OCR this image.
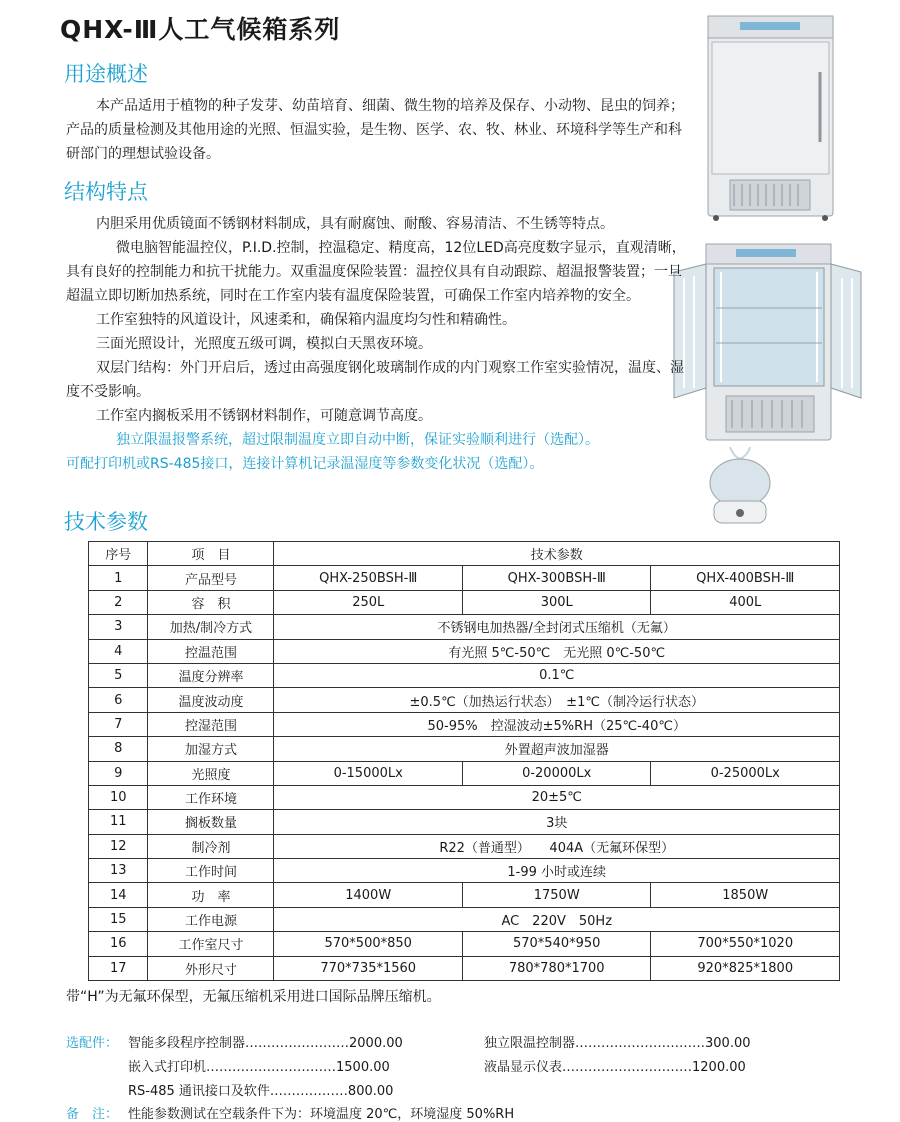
QHX-Ⅲ人工气候箱系列
用途概述

本产品适用于植物的种子发芽、幼苗培育、细菌、微生物的培养及保存、小动物、昆虫的饲养；产品的质量检测及其他用途的光照、恒温实验，是生物、医学、农、牧、林业、环境科学等生产和科研部门的理想试验设备。

结构特点

内胆采用优质镜面不锈钢材料制成，具有耐腐蚀、耐酸、容易清洁、不生锈等特点。

微电脑智能温控仪，P.I.D.控制，控温稳定、精度高，12位LED高亮度数字显示，直观清晰，具有良好的控制能力和抗干扰能力。双重温度保险装置：温控仪具有自动跟踪、超温报警装置；一旦超温立即切断加热系统，同时在工作室内装有温度保险装置，可确保工作室内培养物的安全。

工作室独特的风道设计，风速柔和，确保箱内温度均匀性和精确性。

三面光照设计，光照度五级可调，模拟白天黑夜环境。

双层门结构：外门开启后，透过由高强度钢化玻璃制作成的内门观察工作室实验情况，温度、湿度不受影响。

工作室内搁板采用不锈钢材料制作，可随意调节高度。

独立限温报警系统，超过限制温度立即自动中断，保证实验顺利进行（选配）。

可配打印机或RS-485接口，连接计算机记录温湿度等参数变化状况（选配）。

技术参数
序号	项　目	技术参数		
1	产品型号	QHX-250BSH-Ⅲ	QHX-300BSH-Ⅲ	QHX-400BSH-Ⅲ
2	容　积	250L	300L	400L
3	加热/制冷方式	不锈钢电加热器/全封闭式压缩机（无氟）		
4	控温范围	有光照 5℃-50℃　无光照 0℃-50℃		
5	温度分辨率	0.1℃		
6	温度波动度	±0.5℃（加热运行状态）　±1℃（制冷运行状态）		
7	控湿范围	50-95%　控湿波动±5%RH（25℃-40℃）		
8	加湿方式	外置超声波加湿器		
9	光照度	0-15000Lx	0-20000Lx	0-25000Lx
10	工作环境	20±5℃		
11	搁板数量	3块		
12	制冷剂	R22（普通型）　　404A（无氟环保型）		
13	工作时间	1-99 小时或连续		
14	功　率	1400W	1750W	1850W
15	工作电源	AC　220V　50Hz		
16	工作室尺寸	570*500*850	570*540*950	700*550*1020
17	外形尺寸	770*735*1560	780*780*1700	920*825*1800
带“H”为无氟环保型，无氟压缩机采用进口国际品牌压缩机。
选配件： 智能多段程序控制器……………………2000.00	独立限温控制器…………………………300.00
嵌入式打印机…………………………1500.00	液晶显示仪表…………………………1200.00
RS-485 通讯接口及软件………………800.00
备　注： 性能参数测试在空载条件下为：环境温度 20℃，环境湿度 50%RH
